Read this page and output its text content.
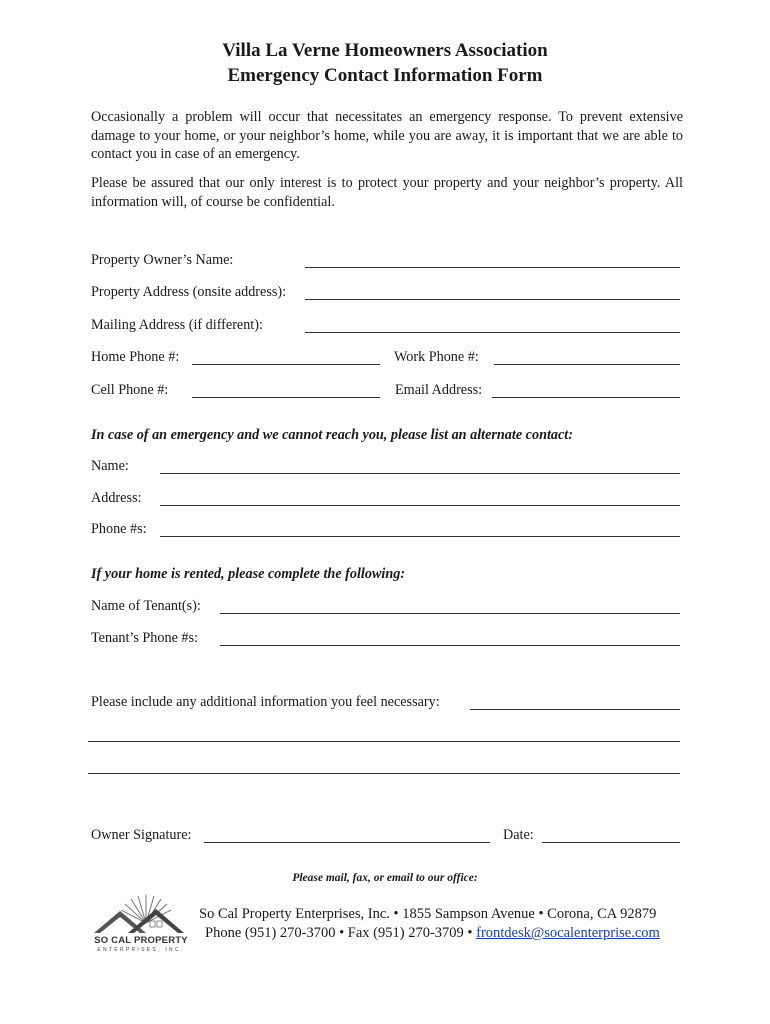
Villa La Verne Homeowners Association
Emergency Contact Information Form
Occasionally a problem will occur that necessitates an emergency response. To prevent extensive damage to your home, or your neighbor’s home, while you are away, it is important that we are able to contact you in case of an emergency.
Please be assured that our only interest is to protect your property and your neighbor’s property. All information will, of course be confidential.
Property Owner’s Name:
Property Address (onsite address):
Mailing Address (if different):
Home Phone #:	Work Phone #:
Cell Phone #:	Email Address:
In case of an emergency and we cannot reach you, please list an alternate contact:
Name:
Address:
Phone #s:
If your home is rented, please complete the following:
Name of Tenant(s):
Tenant’s Phone #s:
Please include any additional information you feel necessary:
Owner Signature:	Date:
Please mail, fax, or email to our office:
SO CAL PROPERTY
ENTERPRISES, INC.
So Cal Property Enterprises, Inc. • 1855 Sampson Avenue • Corona, CA 92879
Phone (951) 270-3700 • Fax (951) 270-3709 • frontdesk@socalenterprise.com
